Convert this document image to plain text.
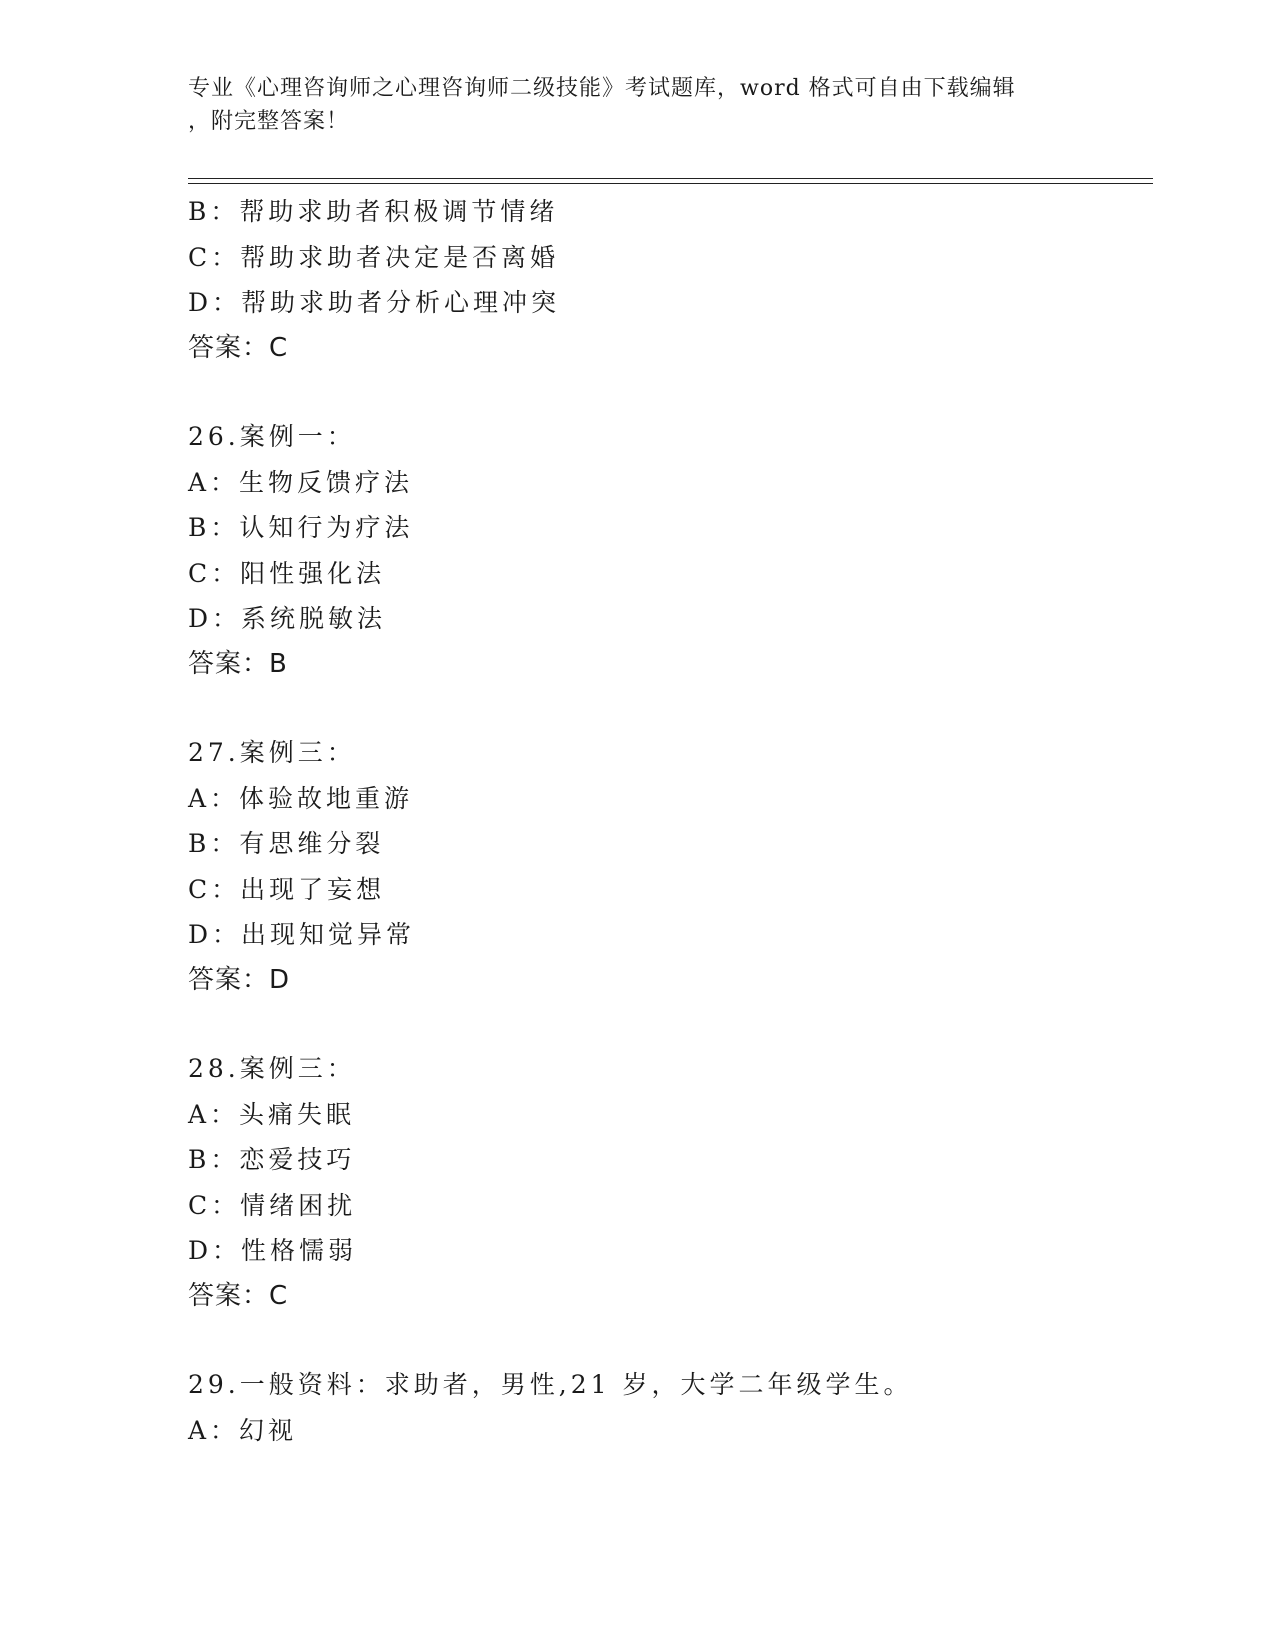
专业《心理咨询师之心理咨询师二级技能》考试题库，word 格式可自由下载编辑
，附完整答案！
B：帮助求助者积极调节情绪
C：帮助求助者决定是否离婚
D：帮助求助者分析心理冲突
答案：C
26.案例一：
A：生物反馈疗法
B：认知行为疗法
C：阳性强化法
D：系统脱敏法
答案：B
27.案例三：
A：体验故地重游
B：有思维分裂
C：出现了妄想
D：出现知觉异常
答案：D
28.案例三：
A：头痛失眠
B：恋爱技巧
C：情绪困扰
D：性格懦弱
答案：C
29.一般资料：求助者，男性,21 岁，大学二年级学生。
A：幻视
